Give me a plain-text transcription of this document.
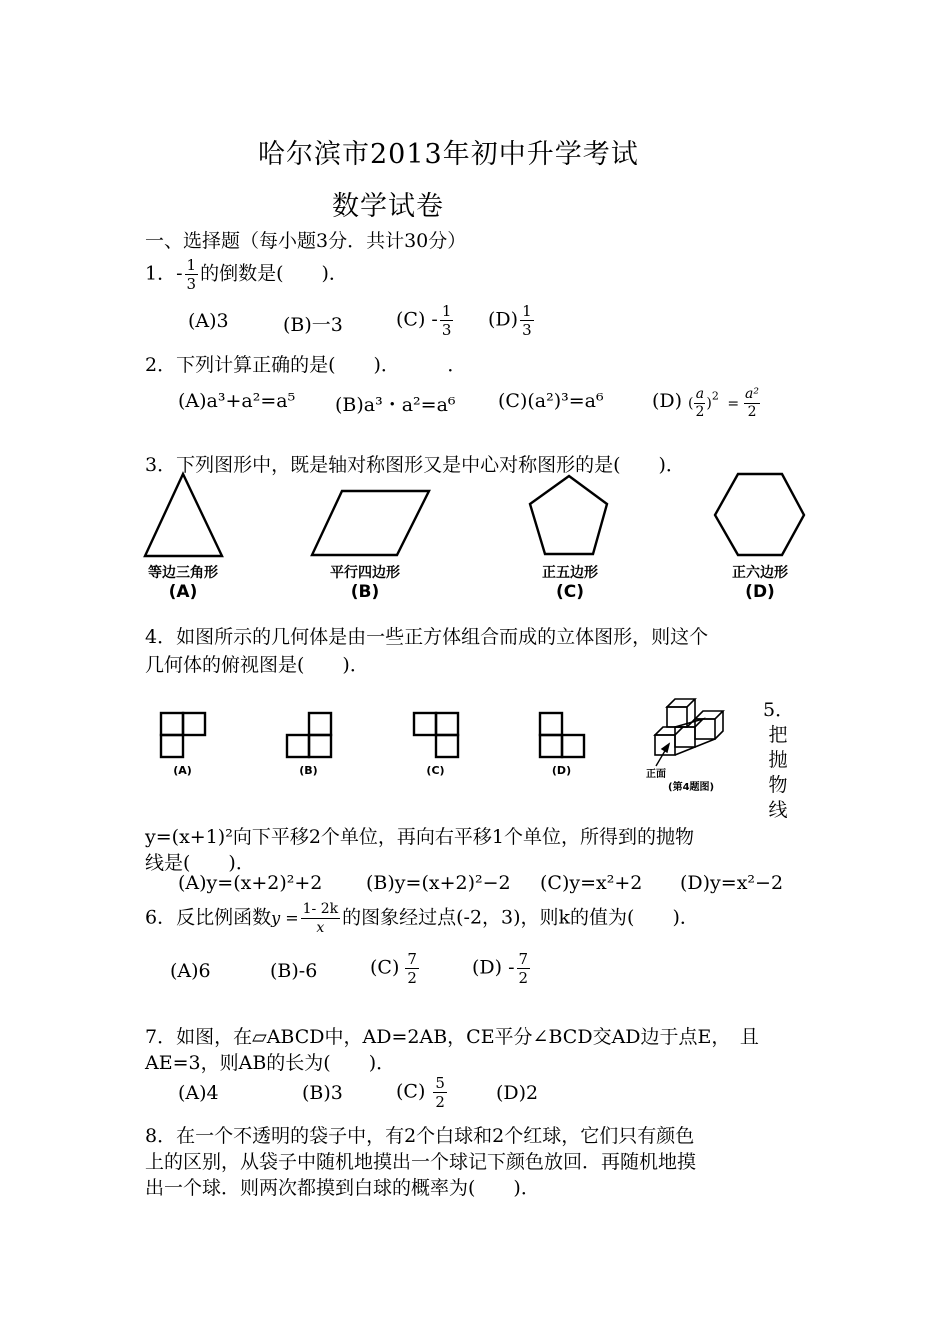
哈尔滨市2013年初中升学考试
数学试卷
一、选择题（每小题3分．共计30分）
1．- $\frac{1}{3}$ 的倒数是(　　)．
(A)3	(B)一3	$(C) - \frac{1}{3} (D) \frac{1}{3}$
2．下列计算正确的是(　　)．　　　．
(A)a³+a²=a⁵ (B)a³・a²=a⁶ (C)(a²)³=a⁶	(D) ( $\frac{a}{2} )^2 = \frac{\text{a²}}{2}$
3．下列图形中，既是轴对称图形又是中心对称图形的是(　　)．
等边三角形
(A)
平行四边形
(B)
正五边形
(C)
正六边形
(D)
4．如图所示的几何体是由一些正方体组合而成的立体图形，则这个
几何体的俯视图是(　　)．
(A)	(B)	(C)	(D)	正面
(第4题图)
5．
把
抛
物
线
y=(x+1)²向下平移2个单位，再向右平移1个单位，所得到的抛物
线是(　　)．
(A)y=(x+2)²+2 (B)y=(x+2)²−2 (C)y=x²+2 (D)y=x²−2
6．反比例函数$y = \frac{1- 2k}{x}$ 的图象经过点(-2，3)，则k的值为(　　)．
(A)6	(B)-6	$(C) \frac{7}{2}$	$(D) - \frac{7}{2}$
7．如图，在▱ABCD中，AD=2AB，CE平分∠BCD交AD边于点E，　且
AE=3，则AB的长为(　　)．
(A)4	(B)3	$(C) \frac{5}{2}$	(D)2
8．在一个不透明的袋子中，有2个白球和2个红球，它们只有颜色
上的区别，从袋子中随机地摸出一个球记下颜色放回．再随机地摸
出一个球．则两次都摸到白球的概率为(　　)．
